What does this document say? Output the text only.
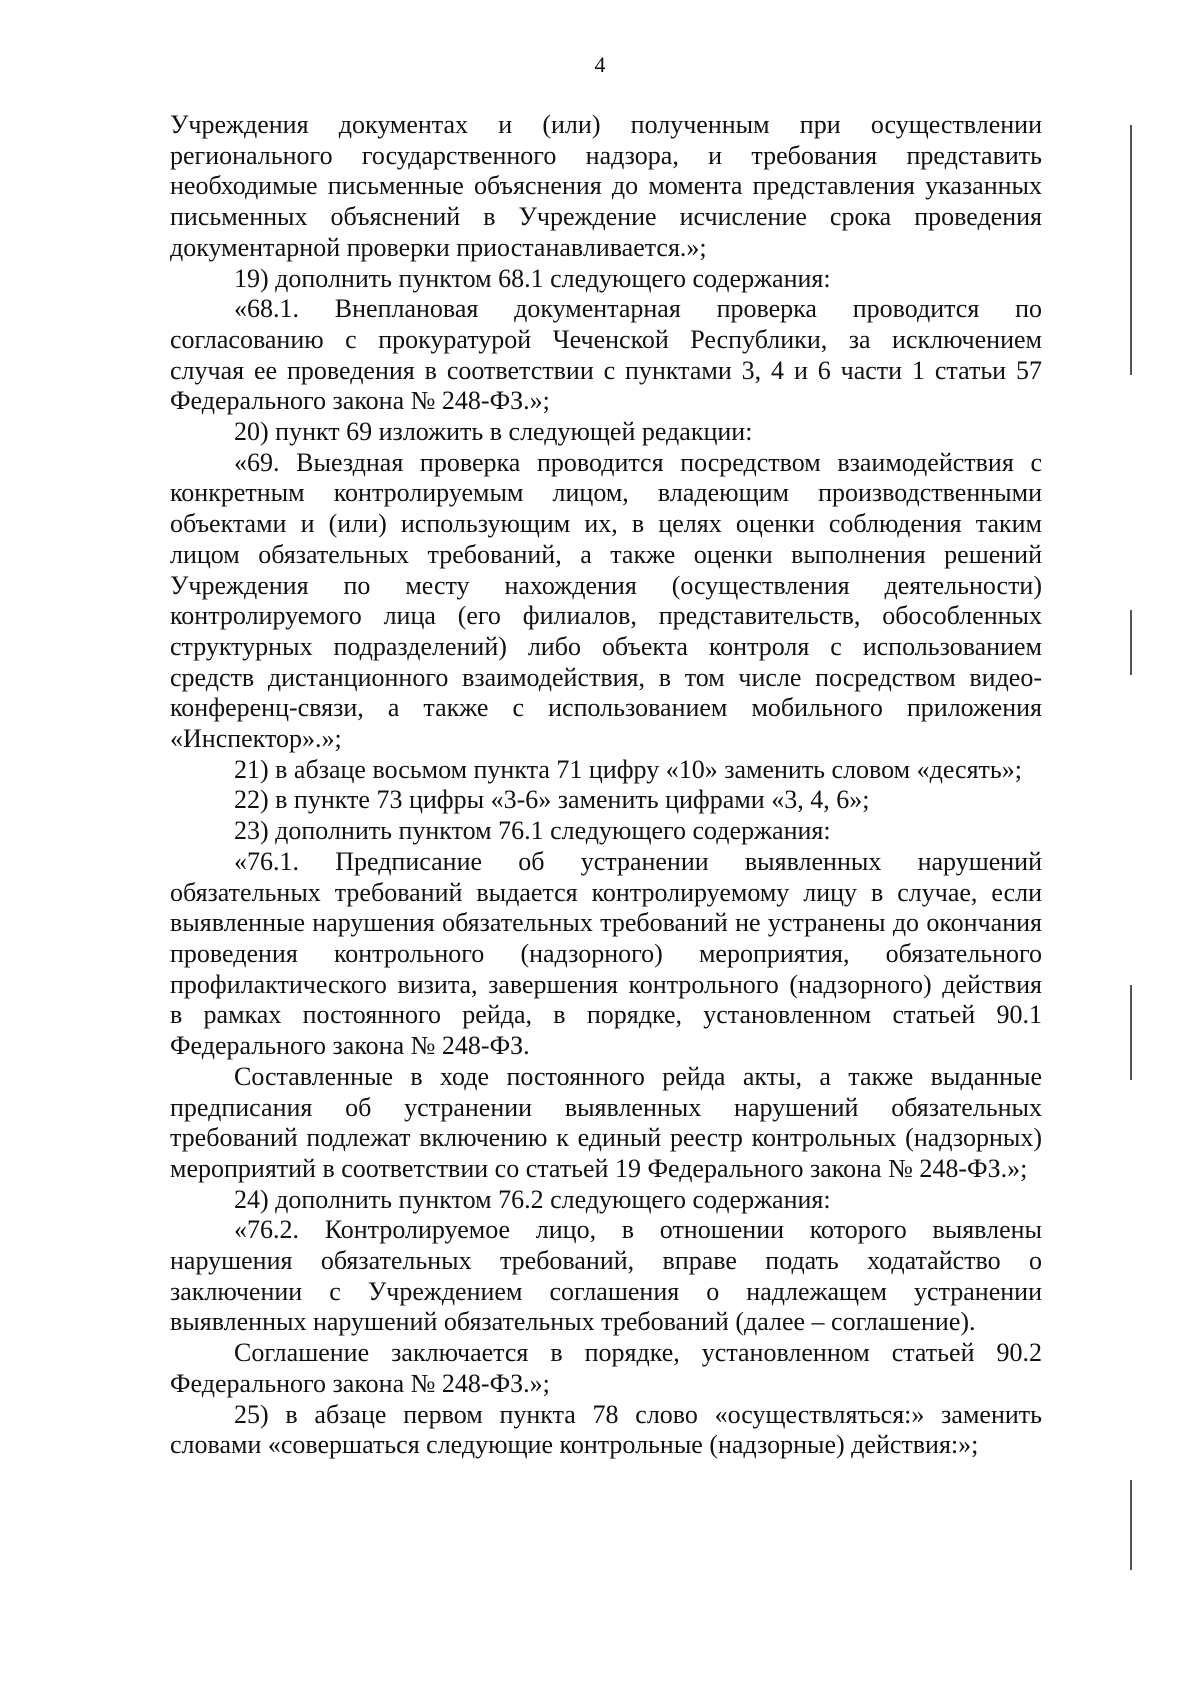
4

Учреждения документах и (или) полученным при осуществлении

регионального государственного надзора, и требования представить

необходимые письменные объяснения до момента представления указанных

письменных объяснений в Учреждение исчисление срока проведения

документарной проверки приостанавливается.»;

19) дополнить пунктом 68.1 следующего содержания:

«68.1. Внеплановая документарная проверка проводится по

согласованию с прокуратурой Чеченской Республики, за исключением

случая ее проведения в соответствии с пунктами 3, 4 и 6 части 1 статьи 57

Федерального закона № 248-ФЗ.»;

20) пункт 69 изложить в следующей редакции:

«69. Выездная проверка проводится посредством взаимодействия с

конкретным контролируемым лицом, владеющим производственными

объектами и (или) использующим их, в целях оценки соблюдения таким

лицом обязательных требований, а также оценки выполнения решений

Учреждения по месту нахождения (осуществления деятельности)

контролируемого лица (его филиалов, представительств, обособленных

структурных подразделений) либо объекта контроля с использованием

средств дистанционного взаимодействия, в том числе посредством видео-

конференц-связи, а также с использованием мобильного приложения

«Инспектор».»;

21) в абзаце восьмом пункта 71 цифру «10» заменить словом «десять»;

22) в пункте 73 цифры «3-6» заменить цифрами «3, 4, 6»;

23) дополнить пунктом 76.1 следующего содержания:

«76.1. Предписание об устранении выявленных нарушений

обязательных требований выдается контролируемому лицу в случае, если

выявленные нарушения обязательных требований не устранены до окончания

проведения контрольного (надзорного) мероприятия, обязательного

профилактического визита, завершения контрольного (надзорного) действия

в рамках постоянного рейда, в порядке, установленном статьей 90.1

Федерального закона № 248-ФЗ.

Составленные в ходе постоянного рейда акты, а также выданные

предписания об устранении выявленных нарушений обязательных

требований подлежат включению к единый реестр контрольных (надзорных)

мероприятий в соответствии со статьей 19 Федерального закона № 248-ФЗ.»;

24) дополнить пунктом 76.2 следующего содержания:

«76.2. Контролируемое лицо, в отношении которого выявлены

нарушения обязательных требований, вправе подать ходатайство о

заключении с Учреждением соглашения о надлежащем устранении

выявленных нарушений обязательных требований (далее – соглашение).

Соглашение заключается в порядке, установленном статьей 90.2

Федерального закона № 248-ФЗ.»;

25) в абзаце первом пункта 78 слово «осуществляться:» заменить

словами «совершаться следующие контрольные (надзорные) действия:»;
